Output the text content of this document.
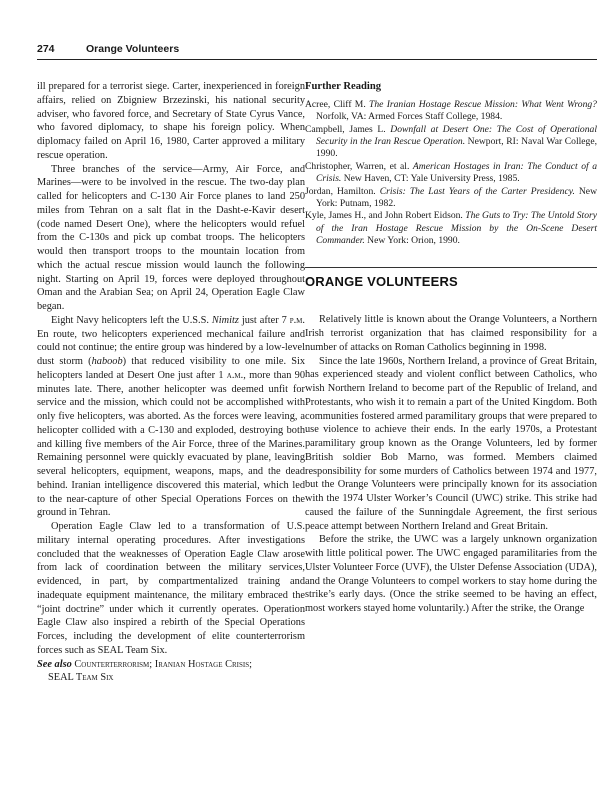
274	Orange Volunteers

ill prepared for a terrorist siege. Carter, inexperienced in foreign affairs, relied on Zbigniew Brzezinski, his national security adviser, who favored force, and Secretary of State Cyrus Vance, who favored diplomacy, to shape his foreign policy. When diplomacy failed on April 16, 1980, Carter approved a military rescue operation.

Three branches of the service—Army, Air Force, and Marines—were to be involved in the rescue. The two-day plan called for helicopters and C-130 Air Force planes to land 250 miles from Tehran on a salt flat in the Dasht-e-Kavir desert (code named Desert One), where the helicopters would refuel from the C-130s and pick up combat troops. The helicopters would then transport troops to the mountain location from which the actual rescue mission would launch the following night. Starting on April 19, forces were deployed throughout Oman and the Arabian Sea; on April 24, Operation Eagle Claw began.

Eight Navy helicopters left the U.S.S. Nimitz just after 7 p.m. En route, two helicopters experienced mechanical failure and could not continue; the entire group was hindered by a low-level dust storm (haboob) that reduced visibility to one mile. Six helicopters landed at Desert One just after 1 a.m., more than 90 minutes late. There, another helicopter was deemed unfit for service and the mission, which could not be accomplished with only five helicopters, was aborted. As the forces were leaving, a helicopter collided with a C-130 and exploded, destroying both and killing five members of the Air Force, three of the Marines. Remaining personnel were quickly evacuated by plane, leaving several helicopters, equipment, weapons, maps, and the dead behind. Iranian intelligence discovered this material, which led to the near-capture of other Special Operations Forces on the ground in Tehran.

Operation Eagle Claw led to a transformation of U.S. military internal operating procedures. After investigations concluded that the weaknesses of Operation Eagle Claw arose from lack of coordination between the military services, evidenced, in part, by compartmentalized training and inadequate equipment maintenance, the military embraced the “joint doctrine” under which it currently operates. Operation Eagle Claw also inspired a rebirth of the Special Operations Forces, including the development of elite counterterrorism forces such as SEAL Team Six.

See also Counterterrorism; Iranian Hostage Crisis;
SEAL Team Six

Further Reading

Acree, Cliff M. The Iranian Hostage Rescue Mission: What Went Wrong? Norfolk, VA: Armed Forces Staff College, 1984.

Campbell, James L. Downfall at Desert One: The Cost of Operational Security in the Iran Rescue Operation. Newport, RI: Naval War College, 1990.

Christopher, Warren, et al. American Hostages in Iran: The Conduct of a Crisis. New Haven, CT: Yale University Press, 1985.

Jordan, Hamilton. Crisis: The Last Years of the Carter Presidency. New York: Putnam, 1982.

Kyle, James H., and John Robert Eidson. The Guts to Try: The Untold Story of the Iran Hostage Rescue Mission by the On-Scene Desert Commander. New York: Orion, 1990.

ORANGE VOLUNTEERS

Relatively little is known about the Orange Volunteers, a Northern Irish terrorist organization that has claimed responsibility for a number of attacks on Roman Catholics beginning in 1998.

Since the late 1960s, Northern Ireland, a province of Great Britain, has experienced steady and violent conflict between Catholics, who wish Northern Ireland to become part of the Republic of Ireland, and Protestants, who wish it to remain a part of the United Kingdom. Both communities fostered armed paramilitary groups that were prepared to use violence to achieve their ends. In the early 1970s, a Protestant paramilitary group known as the Orange Volunteers, led by former British soldier Bob Marno, was formed. Members claimed responsibility for some murders of Catholics between 1974 and 1977, but the Orange Volunteers were principally known for its association with the 1974 Ulster Worker’s Council (UWC) strike. This strike had caused the failure of the Sunningdale Agreement, the first serious peace attempt between Northern Ireland and Great Britain.

Before the strike, the UWC was a largely unknown organization with little political power. The UWC engaged paramilitaries from the Ulster Volunteer Force (UVF), the Ulster Defense Association (UDA), and the Orange Volunteers to compel workers to stay home during the strike’s early days. (Once the strike seemed to be having an effect, most workers stayed home voluntarily.) After the strike, the Orange
